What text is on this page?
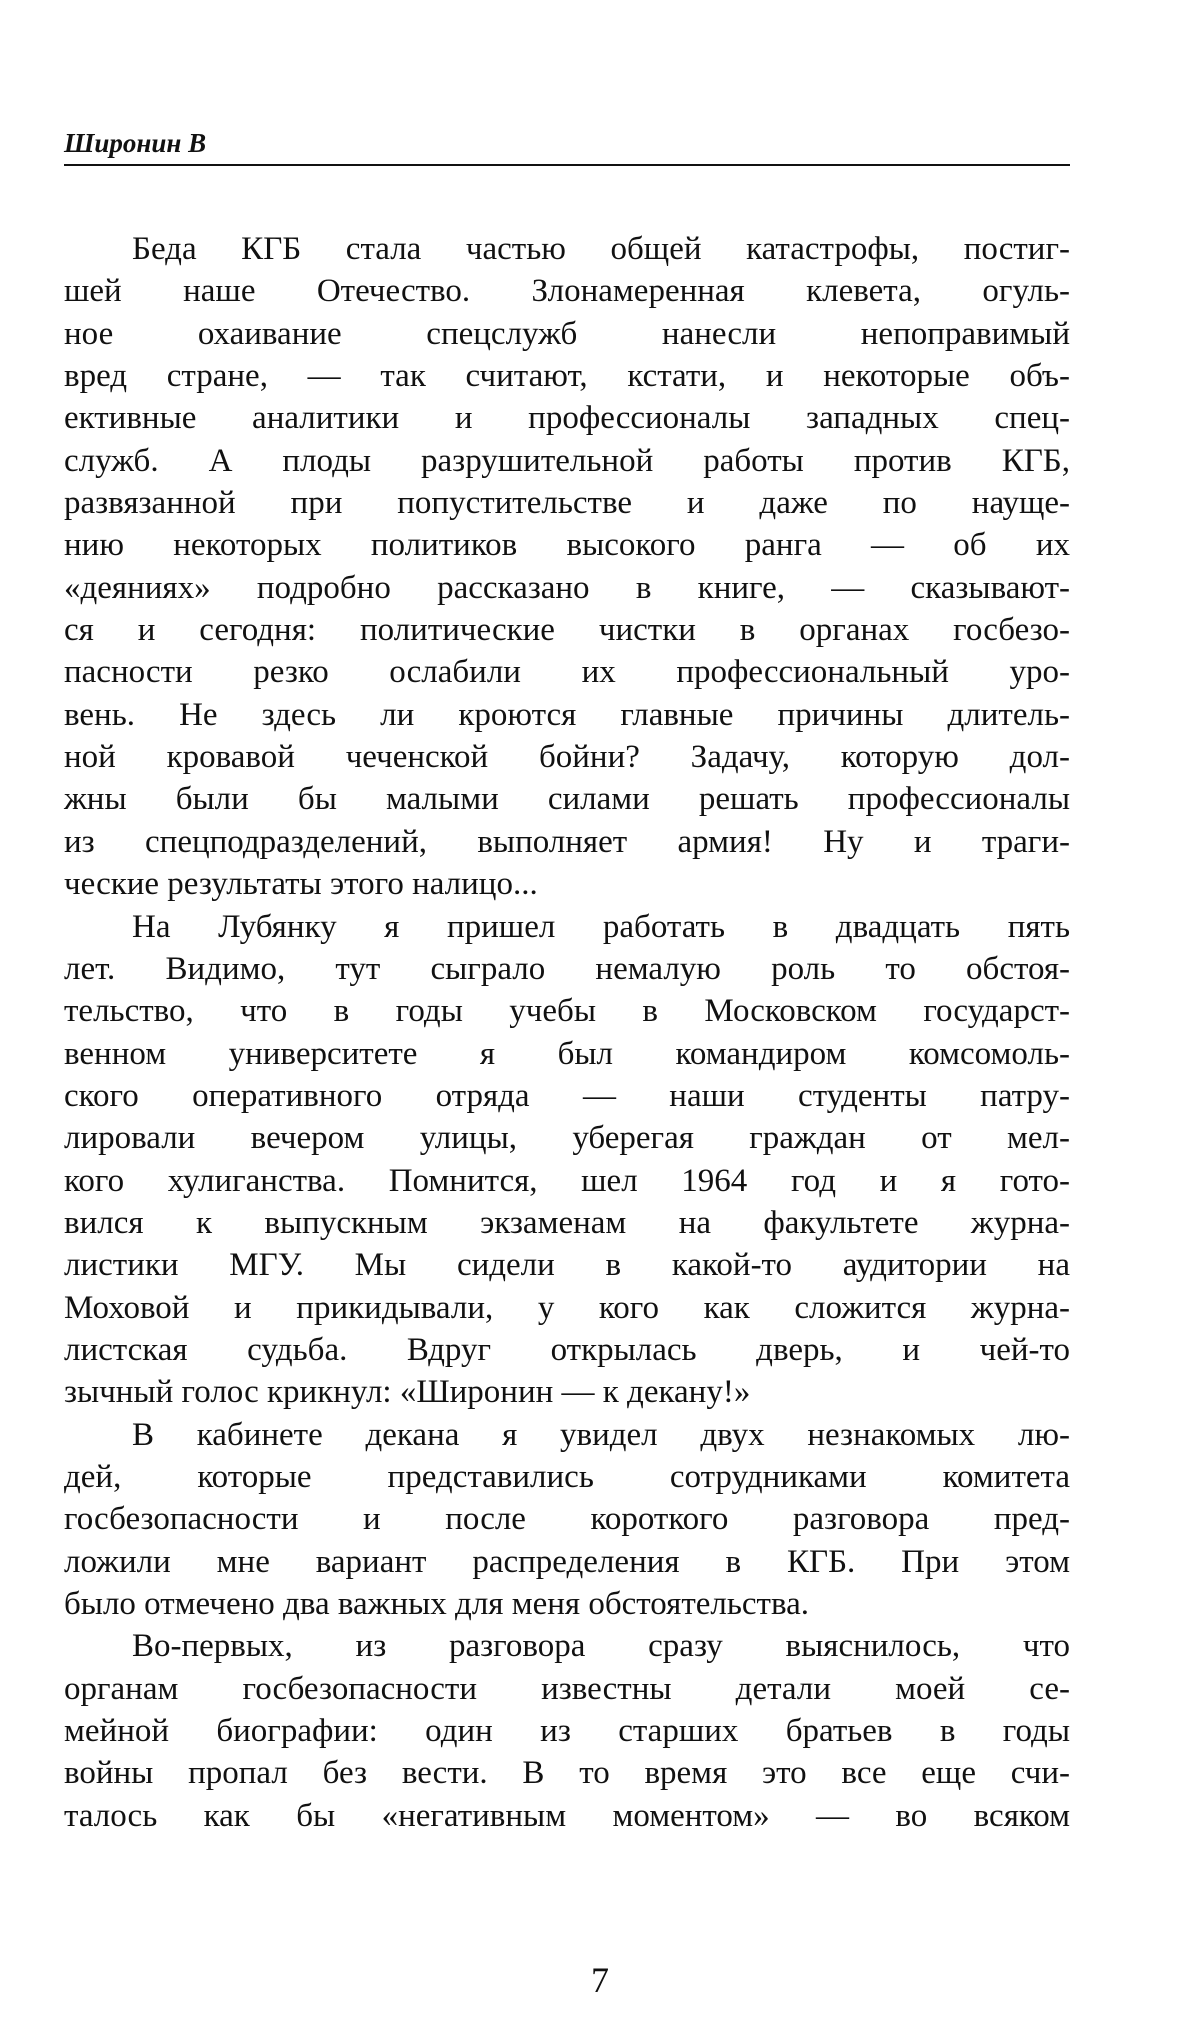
Широнин В
Беда КГБ стала частью общей катастрофы, постиг-
шей наше Отечество. Злонамеренная клевета, огуль-
ное охаивание спецслужб нанесли непоправимый
вред стране, — так считают, кстати, и некоторые объ-
ективные аналитики и профессионалы западных спец-
служб. А плоды разрушительной работы против КГБ,
развязанной при попустительстве и даже по науще-
нию некоторых политиков высокого ранга — об их
«деяниях» подробно рассказано в книге, — сказывают-
ся и сегодня: политические чистки в органах госбезо-
пасности резко ослабили их профессиональный уро-
вень. Не здесь ли кроются главные причины длитель-
ной кровавой чеченской бойни? Задачу, которую дол-
жны были бы малыми силами решать профессионалы
из спецподразделений, выполняет армия! Ну и траги-
ческие результаты этого налицо...
На Лубянку я пришел работать в двадцать пять
лет. Видимо, тут сыграло немалую роль то обстоя-
тельство, что в годы учебы в Московском государст-
венном университете я был командиром комсомоль-
ского оперативного отряда — наши студенты патру-
лировали вечером улицы, уберегая граждан от мел-
кого хулиганства. Помнится, шел 1964 год и я гото-
вился к выпускным экзаменам на факультете журна-
листики МГУ. Мы сидели в какой-то аудитории на
Моховой и прикидывали, у кого как сложится журна-
листская судьба. Вдруг открылась дверь, и чей-то
зычный голос крикнул: «Широнин — к декану!»
В кабинете декана я увидел двух незнакомых лю-
дей, которые представились сотрудниками комитета
госбезопасности и после короткого разговора пред-
ложили мне вариант распределения в КГБ. При этом
было отмечено два важных для меня обстоятельства.
Во-первых, из разговора сразу выяснилось, что
органам госбезопасности известны детали моей се-
мейной биографии: один из старших братьев в годы
войны пропал без вести. В то время это все еще счи-
талось как бы «негативным моментом» — во всяком
7
